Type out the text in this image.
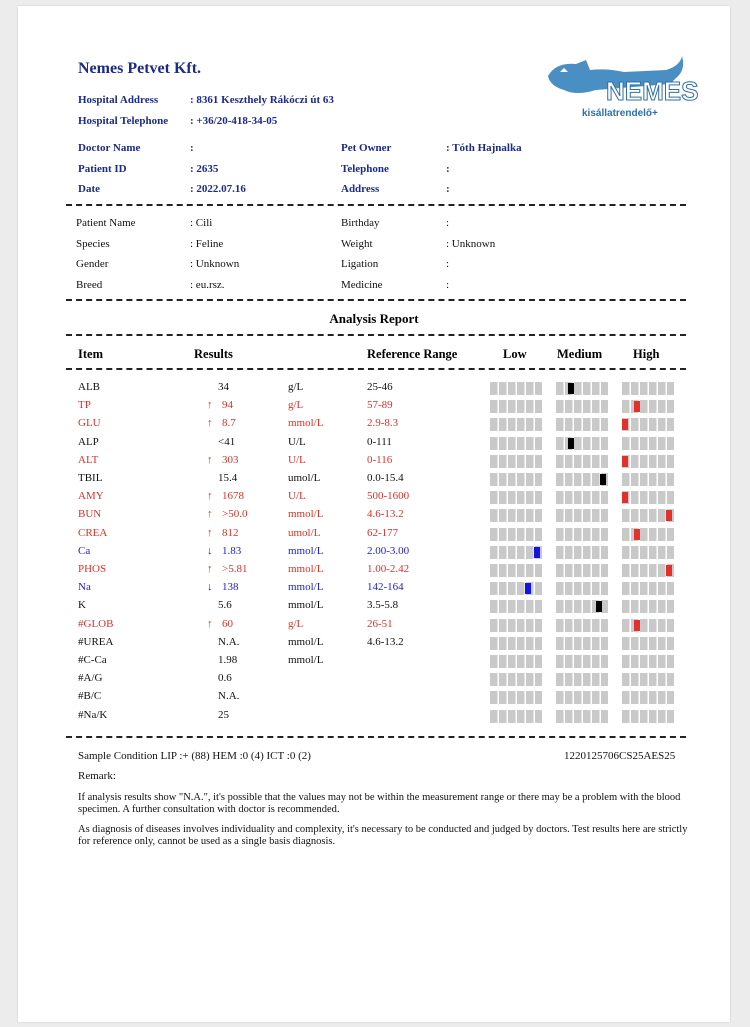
Nemes Petvet Kft.
Hospital Address	: 8361 Keszthely Rákóczi út 63
Hospital Telephone : +36/20-418-34-05
NEMES
kisállatrendelő+
Doctor Name	:
Patient ID	: 2635
Date	: 2022.07.16
Pet Owner	: Tóth Hajnalka
Telephone	:
Address	:
Patient Name	: Cili
Species	: Feline
Gender	: Unknown
Breed	: eu.rsz.
Birthday	:
Weight	: Unknown
Ligation	:
Medicine	:
Analysis Report
Item	Results	Reference Range	Low Medium High
ALB	34	g/L	25-46
TP	↑ 94	g/L	57-89
GLU	↑ 8.7	mmol/L	2.9-8.3
ALP	<41	U/L	0-111
ALT	↑ 303	U/L	0-116
TBIL	15.4	umol/L	0.0-15.4
AMY	↑ 1678	U/L	500-1600
BUN	↑ >50.0	mmol/L	4.6-13.2
CREA	↑ 812	umol/L	62-177
Ca	↓ 1.83	mmol/L	2.00-3.00
PHOS	↑ >5.81	mmol/L	1.00-2.42
Na	↓ 138	mmol/L	142-164
K	5.6	mmol/L	3.5-5.8
#GLOB	↑ 60	g/L	26-51
#UREA	N.A.	mmol/L	4.6-13.2
#C-Ca	1.98	mmol/L
#A/G	0.6
#B/C	N.A.
#Na/K	25
Sample Condition LIP :+ (88) HEM :0 (4) ICT :0 (2)	1220125706CS25AES25
Remark:
If analysis results show "N.A.", it's possible that the values may not be within the measurement range or there may be a problem with the blood specimen. A further consultation with doctor is recommended.
As diagnosis of diseases involves individuality and complexity, it's necessary to be conducted and judged by doctors. Test results here are strictly for reference only, cannot be used as a single basis diagnosis.
